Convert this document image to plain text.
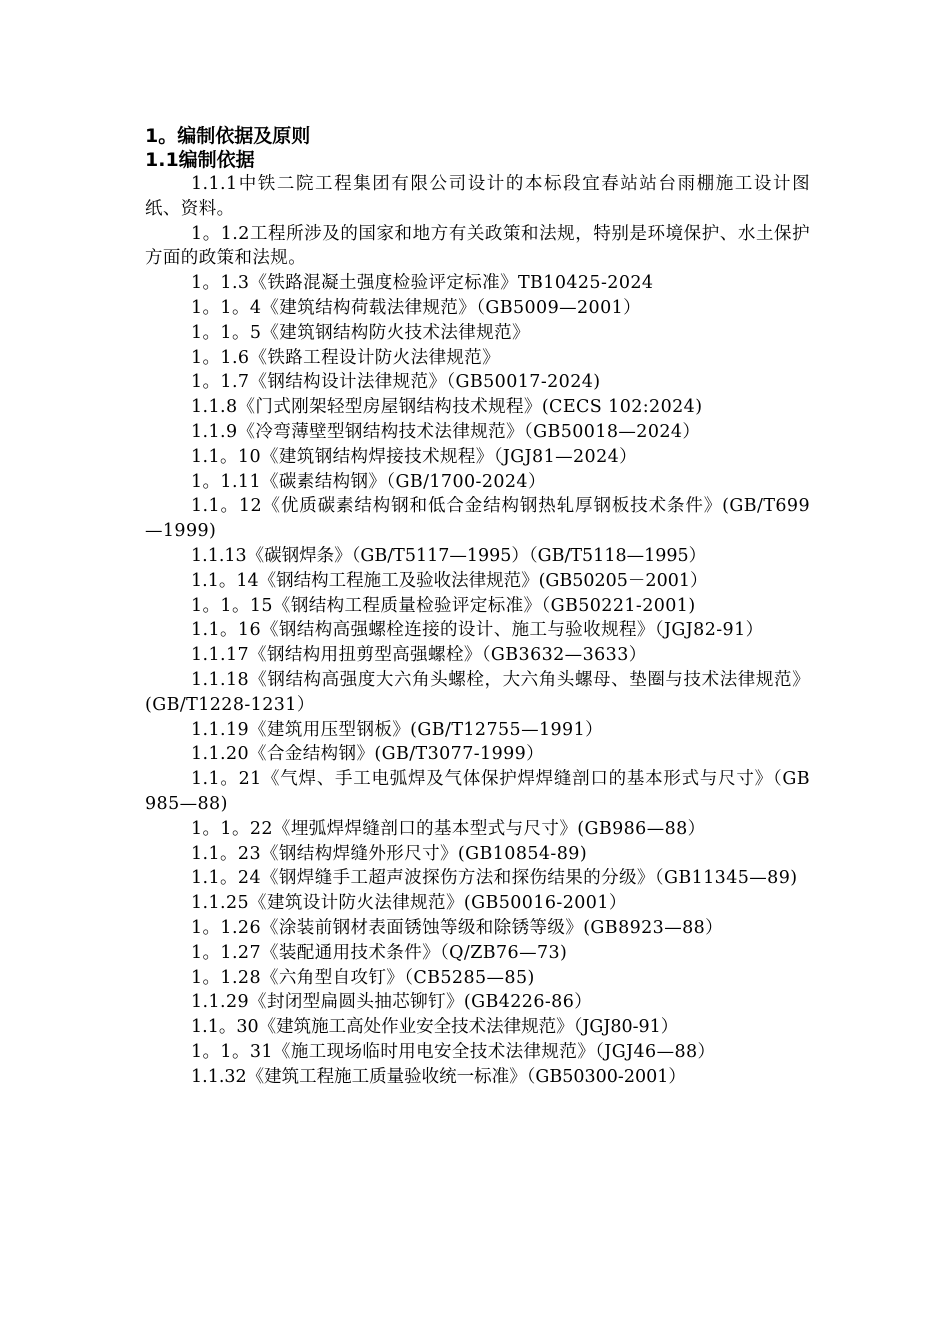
1。编制依据及原则

1.1编制依据

1.1.1中铁二院工程集团有限公司设计的本标段宜春站站台雨棚施工设计图纸、资料。

1。1.2工程所涉及的国家和地方有关政策和法规，特别是环境保护、水土保护方面的政策和法规。

1。1.3《铁路混凝土强度检验评定标准》TB10425-2024

1。1。4《建筑结构荷载法律规范》（GB5009—2001）

1。1。5《建筑钢结构防火技术法律规范》

1。1.6《铁路工程设计防火法律规范》

1。1.7《钢结构设计法律规范》（GB50017-2024)

1.1.8《门式刚架轻型房屋钢结构技术规程》(CECS 102:2024)

1.1.9《冷弯薄壁型钢结构技术法律规范》（GB50018—2024）

1.1。10《建筑钢结构焊接技术规程》（JGJ81—2024）

1。1.11《碳素结构钢》（GB/1700-2024）

1.1。12《优质碳素结构钢和低合金结构钢热轧厚钢板技术条件》(GB/T699—1999)

1.1.13《碳钢焊条》（GB/T5117—1995）（GB/T5118—1995）

1.1。14《钢结构工程施工及验收法律规范》(GB50205－2001）

1。1。15《钢结构工程质量检验评定标准》（GB50221-2001)

1.1。16《钢结构高强螺栓连接的设计、施工与验收规程》（JGJ82-91）

1.1.17《钢结构用扭剪型高强螺栓》（GB3632—3633）

1.1.18《钢结构高强度大六角头螺栓，大六角头螺母、垫圈与技术法律规范》(GB/T1228-1231）

1.1.19《建筑用压型钢板》(GB/T12755—1991）

1.1.20《合金结构钢》(GB/T3077-1999）

1.1。21《气焊、手工电弧焊及气体保护焊焊缝剖口的基本形式与尺寸》（GB985—88)

1。1。22《埋弧焊焊缝剖口的基本型式与尺寸》(GB986—88）

1.1。23《钢结构焊缝外形尺寸》(GB10854-89)

1.1。24《钢焊缝手工超声波探伤方法和探伤结果的分级》（GB11345—89)

1.1.25《建筑设计防火法律规范》(GB50016-2001）

1。1.26《涂装前钢材表面锈蚀等级和除锈等级》(GB8923—88）

1。1.27《装配通用技术条件》（Q/ZB76—73)

1。1.28《六角型自攻钉》（CB5285—85)

1.1.29《封闭型扁圆头抽芯铆钉》(GB4226-86）

1.1。30《建筑施工高处作业安全技术法律规范》（JGJ80-91）

1。1。31《施工现场临时用电安全技术法律规范》（JGJ46—88）

1.1.32《建筑工程施工质量验收统一标准》（GB50300-2001）
